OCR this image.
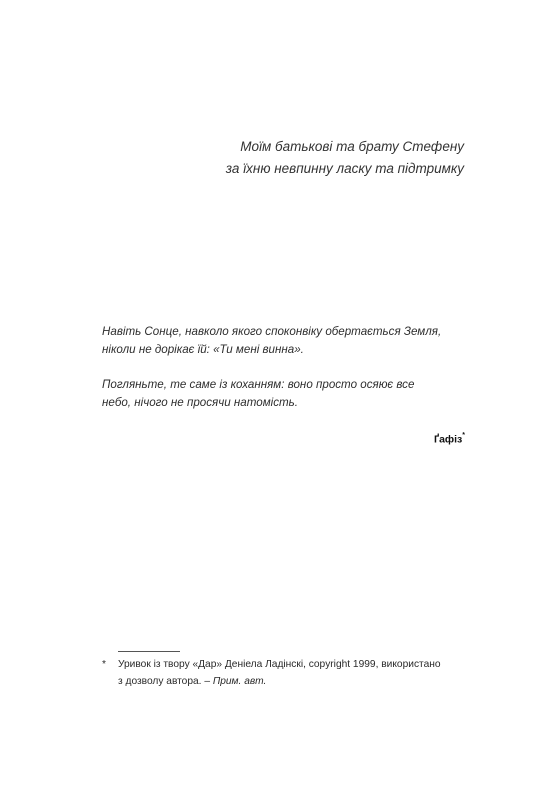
Моїм батькові та брату Стефену
за їхню невпинну ласку та підтримку

Навіть Сонце, навколо якого споконвіку обертається Земля,
ніколи не дорікає їй: «Ти мені винна».

Погляньте, те саме із коханням: воно просто осяює все
небо, нічого не просячи натомість.

Ґафіз*
* Уривок із твору «Дар» Деніела Ладінскі, copyright 1999, використано
з дозволу автора. – Прим. авт.
